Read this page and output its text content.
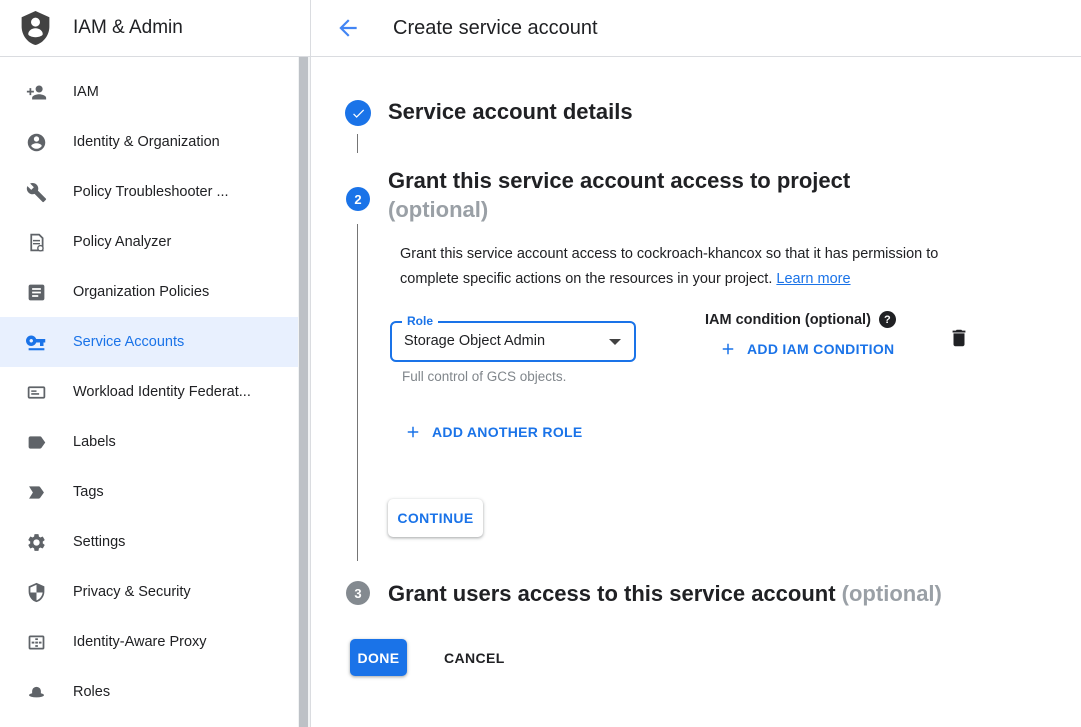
IAM & Admin	Create service account
IAM
Identity & Organization
Policy Troubleshooter ...
Policy Analyzer
Organization Policies
Service Accounts
Workload Identity Federat...
Labels
Tags
Settings
Privacy & Security
Identity-Aware Proxy
Roles
Service account details
2
Grant this service account access to project
(optional)
Grant this service account access to cockroach-khancox so that it has permission to complete specific actions on the resources in your project. Learn more
Role
Storage Object Admin
Full control of GCS objects.
IAM condition (optional)	?
ADD IAM CONDITION
ADD ANOTHER ROLE
CONTINUE
3 Grant users access to this service account (optional)
DONE	CANCEL
